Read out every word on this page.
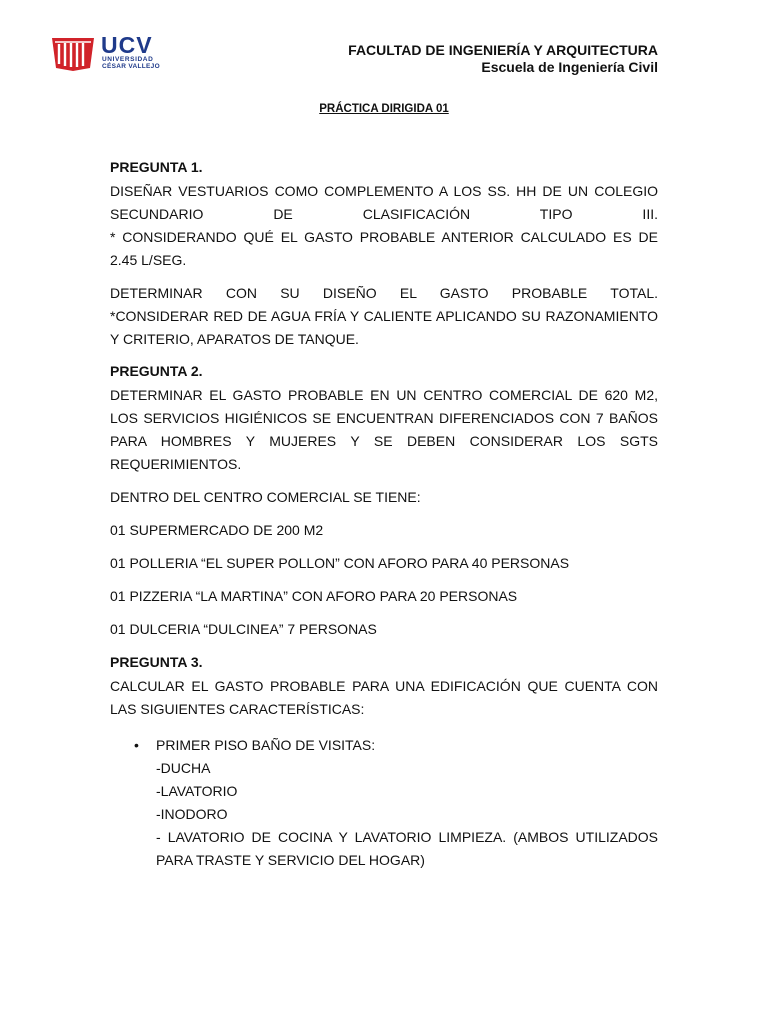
UCV
UNIVERSIDAD
CÉSAR VALLEJO
FACULTAD DE INGENIERÍA Y ARQUITECTURA
Escuela de Ingeniería Civil
PRÁCTICA DIRIGIDA 01

PREGUNTA 1.

DISEÑAR VESTUARIOS COMO COMPLEMENTO A LOS SS. HH DE UN COLEGIO

SECUNDARIO DE CLASIFICACIÓN TIPO III.

* CONSIDERANDO QUÉ EL GASTO PROBABLE ANTERIOR CALCULADO ES DE 2.45 L/SEG.

DETERMINAR CON SU DISEÑO EL GASTO PROBABLE TOTAL.

*CONSIDERAR RED DE AGUA FRÍA Y CALIENTE APLICANDO SU RAZONAMIENTO Y CRITERIO, APARATOS DE TANQUE.

PREGUNTA 2.

DETERMINAR EL GASTO PROBABLE EN UN CENTRO COMERCIAL DE 620 M2, LOS SERVICIOS HIGIÉNICOS SE ENCUENTRAN DIFERENCIADOS CON 7 BAÑOS PARA HOMBRES Y MUJERES Y SE DEBEN CONSIDERAR LOS SGTS REQUERIMIENTOS.

DENTRO DEL CENTRO COMERCIAL SE TIENE:

01 SUPERMERCADO DE 200 M2

01 POLLERIA “EL SUPER POLLON” CON AFORO PARA 40 PERSONAS

01 PIZZERIA “LA MARTINA” CON AFORO PARA 20 PERSONAS

01 DULCERIA “DULCINEA” 7 PERSONAS

PREGUNTA 3.

CALCULAR EL GASTO PROBABLE PARA UNA EDIFICACIÓN QUE CUENTA CON LAS SIGUIENTES CARACTERÍSTICAS:

• PRIMER PISO BAÑO DE VISITAS:

-DUCHA

-LAVATORIO

-INODORO

- LAVATORIO DE COCINA Y LAVATORIO LIMPIEZA. (AMBOS UTILIZADOS PARA TRASTE Y SERVICIO DEL HOGAR)
